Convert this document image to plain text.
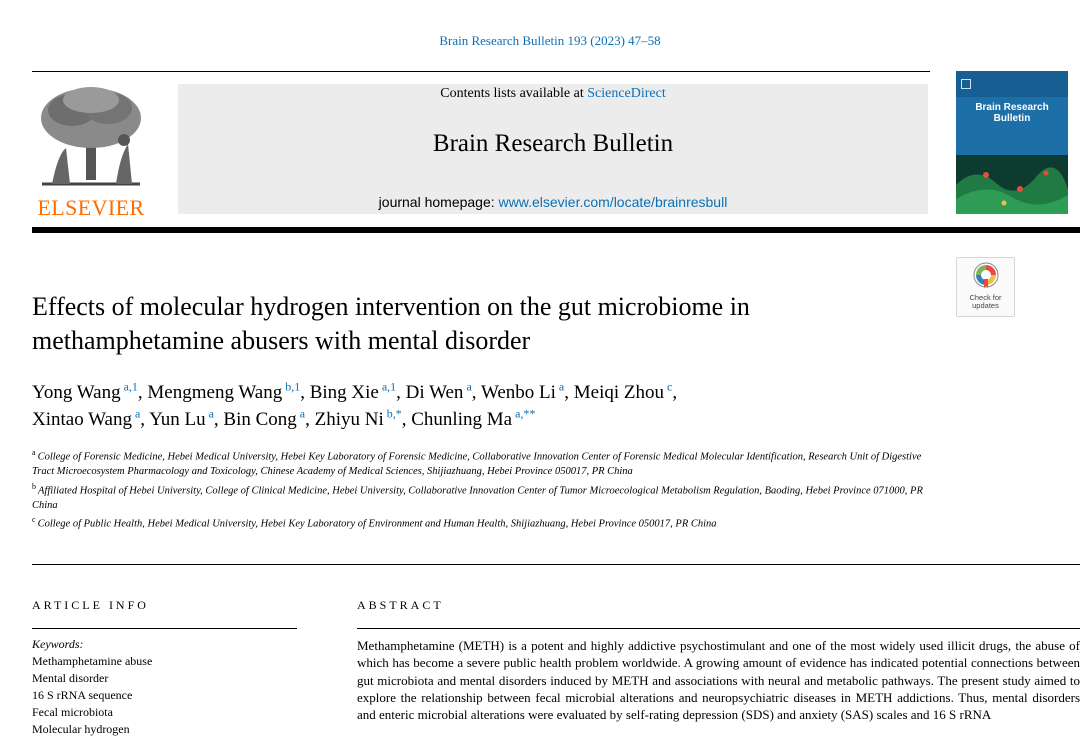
Brain Research Bulletin 193 (2023) 47–58
ELSEVIER
Contents lists available at ScienceDirect
Brain Research Bulletin
journal homepage: www.elsevier.com/locate/brainresbull
Brain Research Bulletin
Check for updates
Effects of molecular hydrogen intervention on the gut microbiome in methamphetamine abusers with mental disorder
Yong Wang $^{a,1}$, Mengmeng Wang $^{b,1}$, Bing Xie $^{a,1}$, Di Wen $^a$, Wenbo Li $^a$, Meiqi Zhou $^c$,
Xintao Wang $^a$, Yun Lu $^a$, Bin Cong $^a$, Zhiyu Ni $^{b,*}$, Chunling Ma $^{a,**}$
$^a$ College of Forensic Medicine, Hebei Medical University, Hebei Key Laboratory of Forensic Medicine, Collaborative Innovation Center of Forensic Medical Molecular Identification, Research Unit of Digestive Tract Microecosystem Pharmacology and Toxicology, Chinese Academy of Medical Sciences, Shijiazhuang, Hebei Province 050017, PR China
$^b$ Affiliated Hospital of Hebei University, College of Clinical Medicine, Hebei University, Collaborative Innovation Center of Tumor Microecological Metabolism Regulation, Baoding, Hebei Province 071000, PR China
$^c$ College of Public Health, Hebei Medical University, Hebei Key Laboratory of Environment and Human Health, Shijiazhuang, Hebei Province 050017, PR China
ARTICLE INFO
Keywords:
Methamphetamine abuse
Mental disorder
16 S rRNA sequence
Fecal microbiota
Molecular hydrogen
ABSTRACT
Methamphetamine (METH) is a potent and highly addictive psychostimulant and one of the most widely used illicit drugs, the abuse of which has become a severe public health problem worldwide. A growing amount of evidence has indicated potential connections between gut microbiota and mental disorders induced by METH and associations with neural and metabolic pathways. The present study aimed to explore the relationship between fecal microbial alterations and neuropsychiatric diseases in METH addictions. Thus, mental disorders and enteric microbial alterations were evaluated by self-rating depression (SDS) and anxiety (SAS) scales and 16 S rRNA
